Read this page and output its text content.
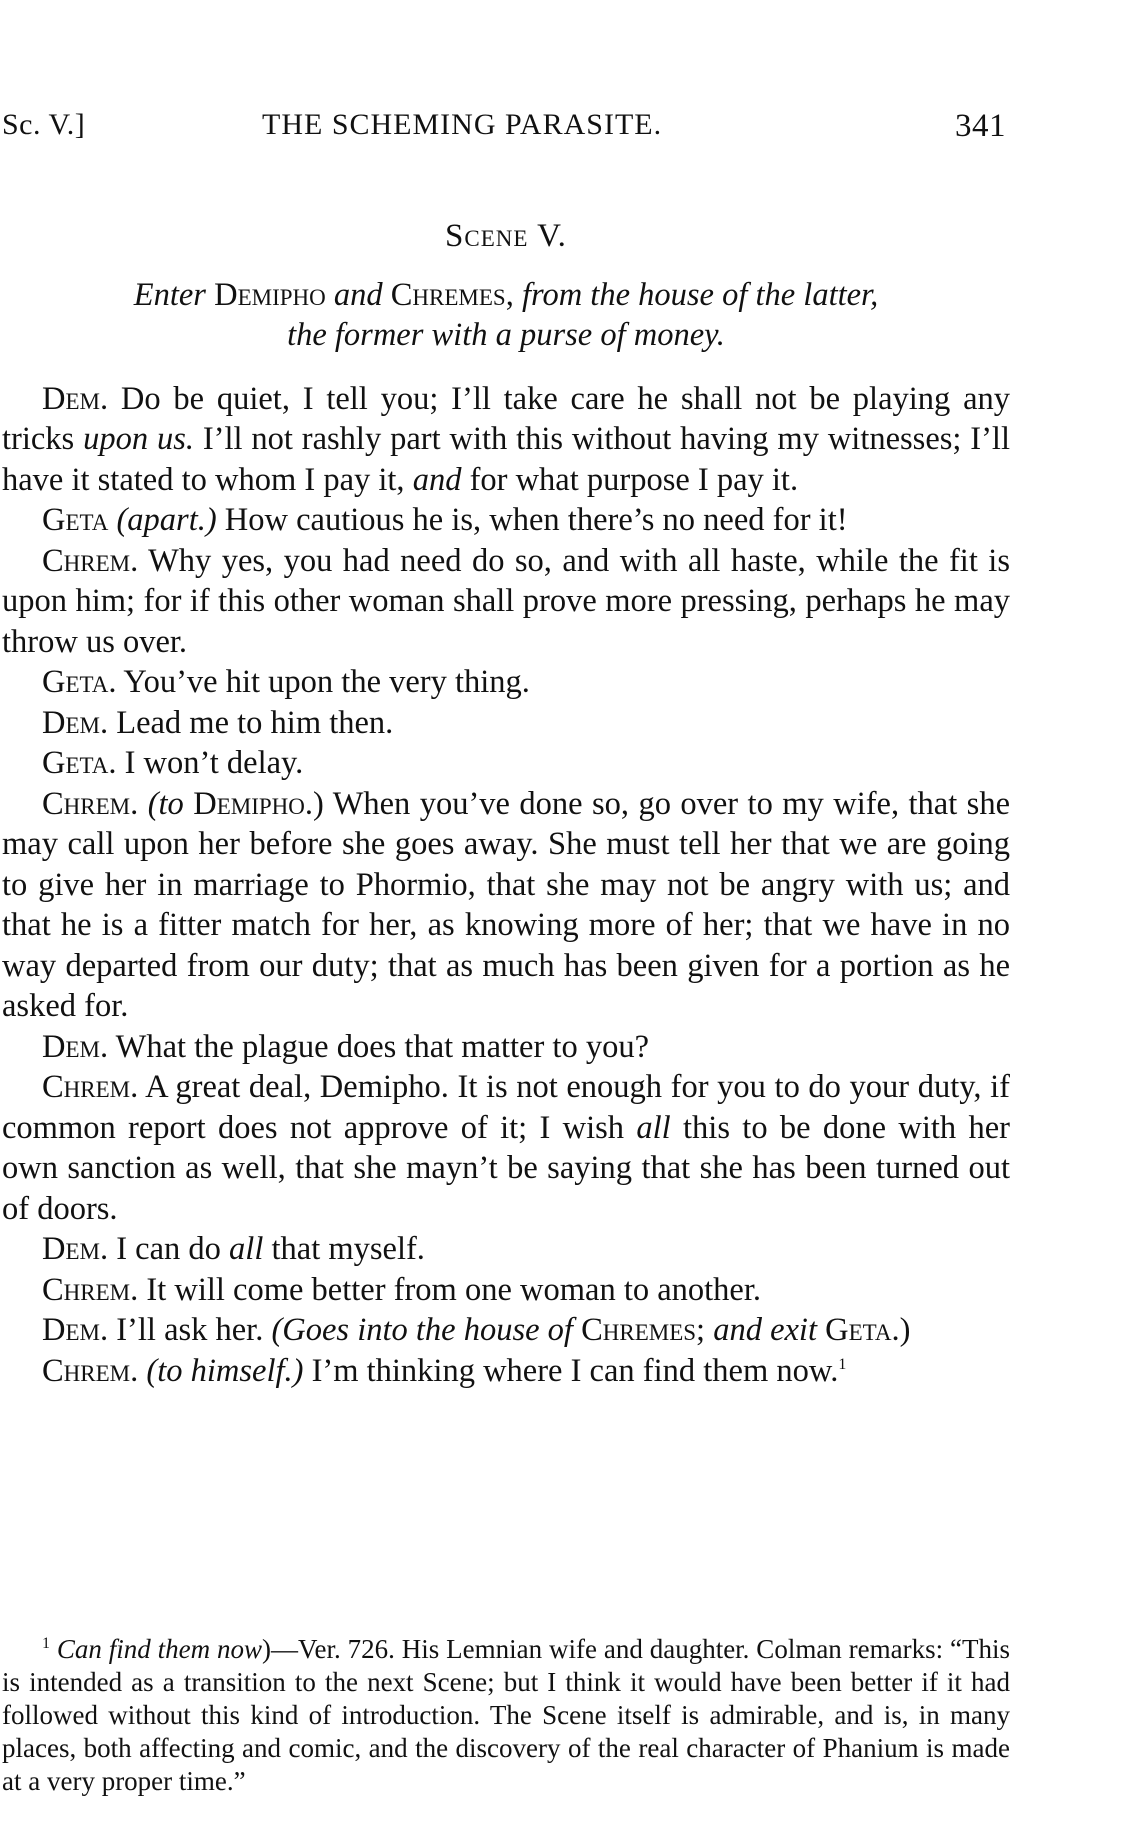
Sc. V.]	THE SCHEMING PARASITE.	341
Scene V.
Enter Demipho and Chremes, from the house of the latter,
the former with a purse of money.

Dem. Do be quiet, I tell you; I’ll take care he shall not be playing any tricks upon us. I’ll not rashly part with this without having my witnesses; I’ll have it stated to whom I pay it, and for what purpose I pay it.

Geta (apart.) How cautious he is, when there’s no need for it!

Chrem. Why yes, you had need do so, and with all haste, while the fit is upon him; for if this other woman shall prove more pressing, perhaps he may throw us over.

Geta. You’ve hit upon the very thing.

Dem. Lead me to him then.

Geta. I won’t delay.

Chrem. (to Demipho.) When you’ve done so, go over to my wife, that she may call upon her before she goes away. She must tell her that we are going to give her in marriage to Phormio, that she may not be angry with us; and that he is a fitter match for her, as knowing more of her; that we have in no way departed from our duty; that as much has been given for a portion as he asked for.

Dem. What the plague does that matter to you?

Chrem. A great deal, Demipho. It is not enough for you to do your duty, if common report does not approve of it; I wish all this to be done with her own sanction as well, that she mayn’t be saying that she has been turned out of doors.

Dem. I can do all that myself.

Chrem. It will come better from one woman to another.

Dem. I’ll ask her. (Goes into the house of Chremes; and exit Geta.)

Chrem. (to himself.) I’m thinking where I can find them now.$^1$

$^1$ Can find them now)—Ver. 726. His Lemnian wife and daughter. Colman remarks: “This is intended as a transition to the next Scene; but I think it would have been better if it had followed without this kind of introduction. The Scene itself is admirable, and is, in many places, both affecting and comic, and the discovery of the real character of Phanium is made at a very proper time.”
